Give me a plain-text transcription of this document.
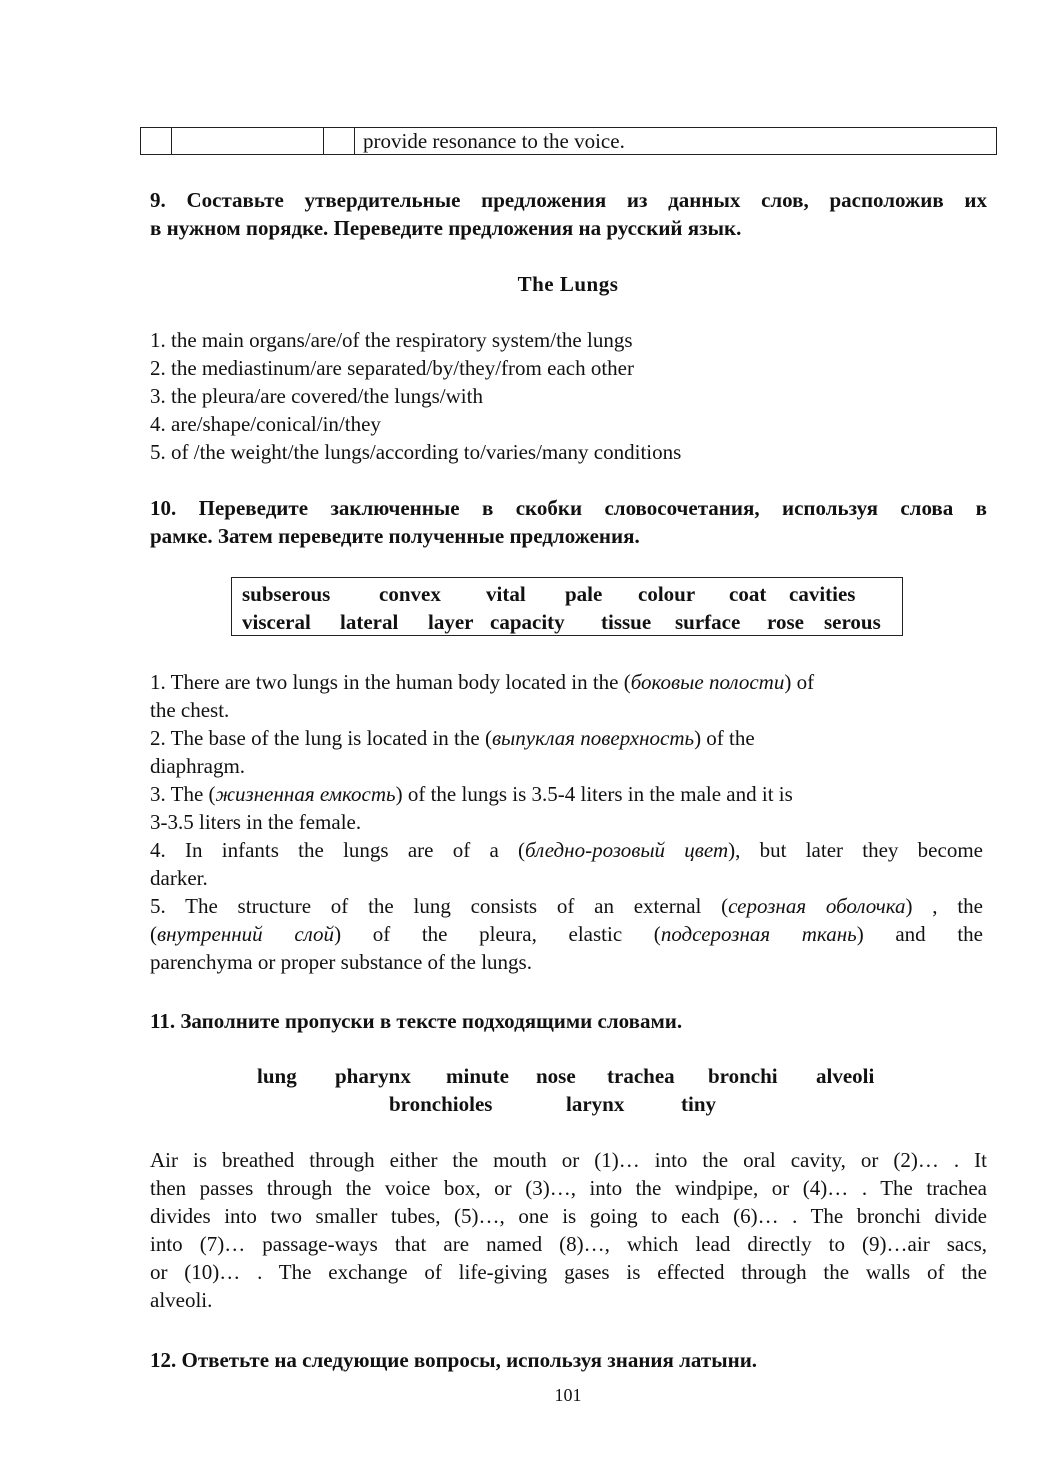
			provide resonance to the voice.
9. Составьте утвердительные предложения из данных слов, расположив их
в нужном порядке. Переведите предложения на русский язык.
The Lungs
1. the main organs/are/of the respiratory system/the lungs
2. the mediastinum/are separated/by/they/from each other
3. the pleura/are covered/the lungs/with
4. are/shape/conical/in/they
5. of /the weight/the lungs/according to/varies/many conditions
10. Переведите заключенные в скобки словосочетания, используя слова в
рамке. Затем переведите полученные предложения.
subserous convex vital pale colour coat cavities
visceral lateral layer capacity tissue surface rose serous
1. There are two lungs in the human body located in the (боковые полости) of
the chest.
2. The base of the lung is located in the (выпуклая поверхность) of the
diaphragm.
3. The (жизненная емкость) of the lungs is 3.5-4 liters in the male and it is
3-3.5 liters in the female.
4. In infants the lungs are of a (бледно-розовый цвет), but later they become
darker.
5. The structure of the lung consists of an external (серозная оболочка) , the
(внутренний слой) of the pleura, elastic (подсерозная ткань) and the
parenchyma or proper substance of the lungs.
11. Заполните пропуски в тексте подходящими словами.
lung pharynx minute nose trachea bronchi alveoli
bronchioles	larynx	tiny
Air is breathed through either the mouth or (1)… into the oral cavity, or (2)… . It
then passes through the voice box, or (3)…, into the windpipe, or (4)… . The trachea
divides into two smaller tubes, (5)…, one is going to each (6)… . The bronchi divide
into (7)… passage-ways that are named (8)…, which lead directly to (9)…air sacs,
or (10)… . The exchange of life-giving gases is effected through the walls of the
alveoli.
12. Ответьте на следующие вопросы, используя знания латыни.
101
